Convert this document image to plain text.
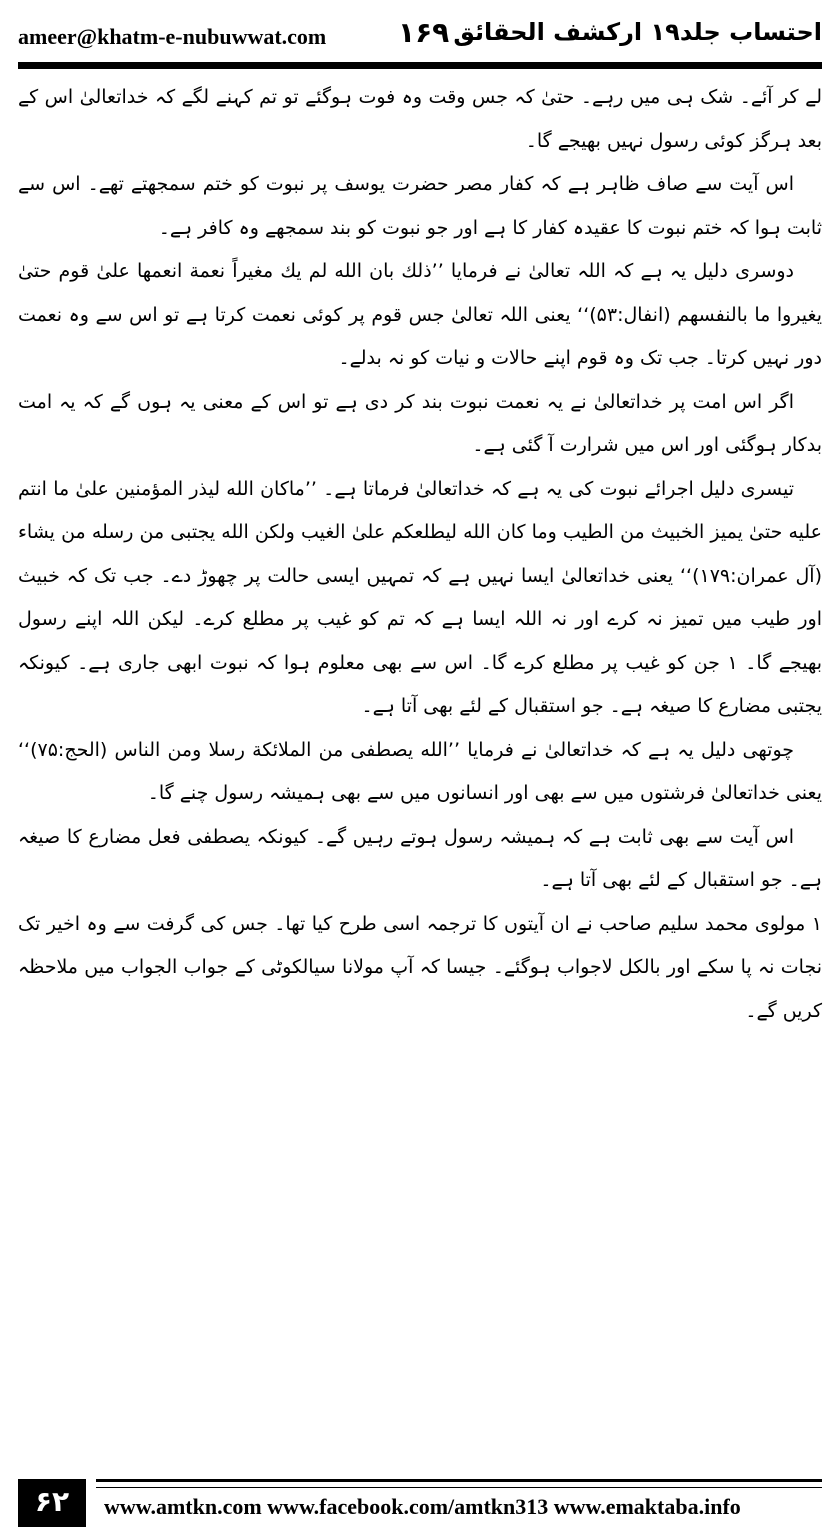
ameer@khatm-e-nubuwwat.com	۱۶۹ احتساب جلد۱۹ ارکشف الحقائق

لے کر آئے۔ شک ہی میں رہے۔ حتیٰ کہ جس وقت وہ فوت ہوگئے تو تم کہنے لگے کہ خداتعالیٰ اس کے بعد ہرگز کوئی رسول نہیں بھیجے گا۔

اس آیت سے صاف ظاہر ہے کہ کفار مصر حضرت یوسف پر نبوت کو ختم سمجھتے تھے۔ اس سے ثابت ہوا کہ ختم نبوت کا عقیدہ کفار کا ہے اور جو نبوت کو بند سمجھے وہ کافر ہے۔

دوسری دلیل یہ ہے کہ اللہ تعالیٰ نے فرمایا ’’ذلك بان الله لم يك مغيراً نعمة انعمها علىٰ قوم حتىٰ يغيروا ما بالنفسهم (انفال:۵۳)‘‘ یعنی اللہ تعالیٰ جس قوم پر کوئی نعمت کرتا ہے تو اس سے وہ نعمت دور نہیں کرتا۔ جب تک وہ قوم اپنے حالات و نیات کو نہ بدلے۔

اگر اس امت پر خداتعالیٰ نے یہ نعمت نبوت بند کر دی ہے تو اس کے معنی یہ ہوں گے کہ یہ امت بدکار ہوگئی اور اس میں شرارت آ گئی ہے۔

تیسری دلیل اجرائے نبوت کی یہ ہے کہ خداتعالیٰ فرماتا ہے۔ ’’ماكان الله ليذر المؤمنين علىٰ ما انتم عليه حتىٰ يميز الخبيث من الطيب وما كان الله ليطلعكم علىٰ الغيب ولكن الله يجتبى من رسله من يشاء (آل عمران:۱۷۹)‘‘ یعنی خداتعالیٰ ایسا نہیں ہے کہ تمہیں ایسی حالت پر چھوڑ دے۔ جب تک کہ خبیث اور طیب میں تمیز نہ کرے اور نہ اللہ ایسا ہے کہ تم کو غیب پر مطلع کرے۔ لیکن اللہ اپنے رسول بھیجے گا۔ ۱ جن کو غیب پر مطلع کرے گا۔ اس سے بھی معلوم ہوا کہ نبوت ابھی جاری ہے۔ کیونکہ یجتبی مضارع کا صیغہ ہے۔ جو استقبال کے لئے بھی آتا ہے۔

چوتھی دلیل یہ ہے کہ خداتعالیٰ نے فرمایا ’’الله يصطفى من الملائكة رسلا ومن الناس (الحج:۷۵)‘‘ یعنی خداتعالیٰ فرشتوں میں سے بھی اور انسانوں میں سے بھی ہمیشہ رسول چنے گا۔

اس آیت سے بھی ثابت ہے کہ ہمیشہ رسول ہوتے رہیں گے۔ کیونکہ یصطفی فعل مضارع کا صیغہ ہے۔ جو استقبال کے لئے بھی آتا ہے۔

۱ مولوی محمد سلیم صاحب نے ان آیتوں کا ترجمہ اسی طرح کیا تھا۔ جس کی گرفت سے وہ اخیر تک نجات نہ پا سکے اور بالکل لاجواب ہوگئے۔ جیسا کہ آپ مولانا سیالکوٹی کے جواب الجواب میں ملاحظہ کریں گے۔

۶۲	www.amtkn.com www.facebook.com/amtkn313 www.emaktaba.info
